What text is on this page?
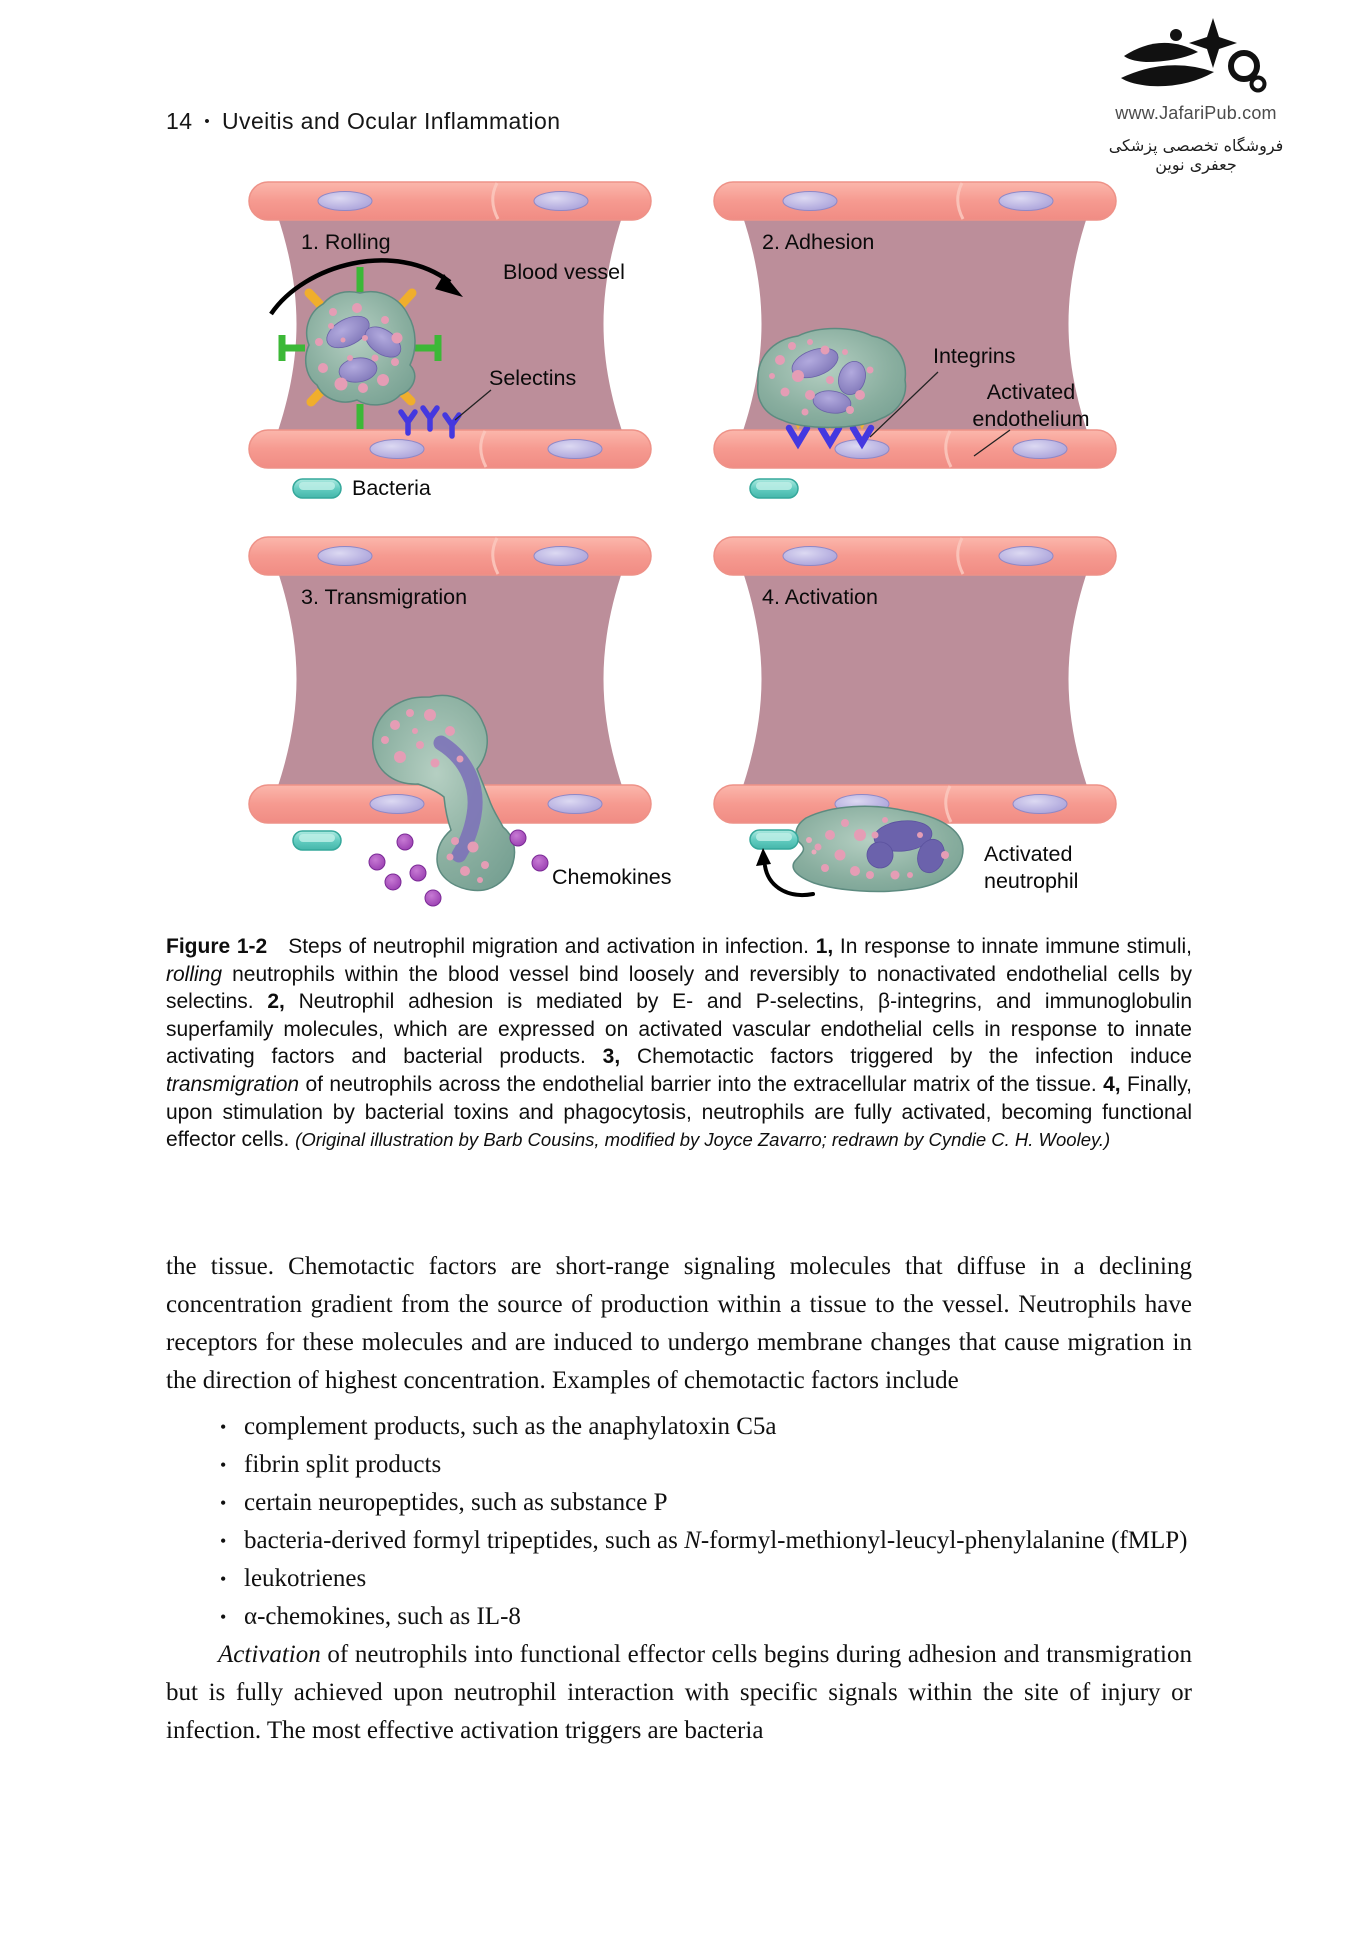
14 • Uveitis and Ocular Inflammation	www.JafariPub.com
فروشگاه تخصصی پزشکی جعفری نوین
1. Rolling
Blood vessel
Selectins
Bacteria
2. Adhesion
Integrins
Activated
endothelium
3. Transmigration
Chemokines
4. Activation
Activated
neutrophil
Figure 1-2  Steps of neutrophil migration and activation in infection. 1, In response to innate immune stimuli, rolling neutrophils within the blood vessel bind loosely and reversibly to nonactivated endothelial cells by selectins. 2, Neutrophil adhesion is mediated by E- and P-selectins, β-integrins, and immunoglobulin superfamily molecules, which are expressed on activated vascular endothelial cells in response to innate activating factors and bacterial products. 3, Chemotactic factors triggered by the infection induce transmigration of neutrophils across the endothelial barrier into the extracellular matrix of the tissue. 4, Finally, upon stimulation by bacterial toxins and phagocytosis, neutrophils are fully activated, becoming functional effector cells. (Original illustration by Barb Cousins, modified by Joyce Zavarro; redrawn by Cyndie C. H. Wooley.)

the tissue. Chemotactic factors are short-range signaling molecules that diffuse in a declining concentration gradient from the source of production within a tissue to the vessel. Neutrophils have receptors for these molecules and are induced to undergo membrane changes that cause migration in the direction of highest concentration. Examples of chemotactic factors include

• complement products, such as the anaphylatoxin C5a
• fibrin split products
• certain neuropeptides, such as substance P
• bacteria-derived formyl tripeptides, such as N-formyl-methionyl-leucyl-phenylalanine (fMLP)
• leukotrienes
• α-chemokines, such as IL-8

Activation of neutrophils into functional effector cells begins during adhesion and transmigration but is fully achieved upon neutrophil interaction with specific signals within the site of injury or infection. The most effective activation triggers are bacteria
